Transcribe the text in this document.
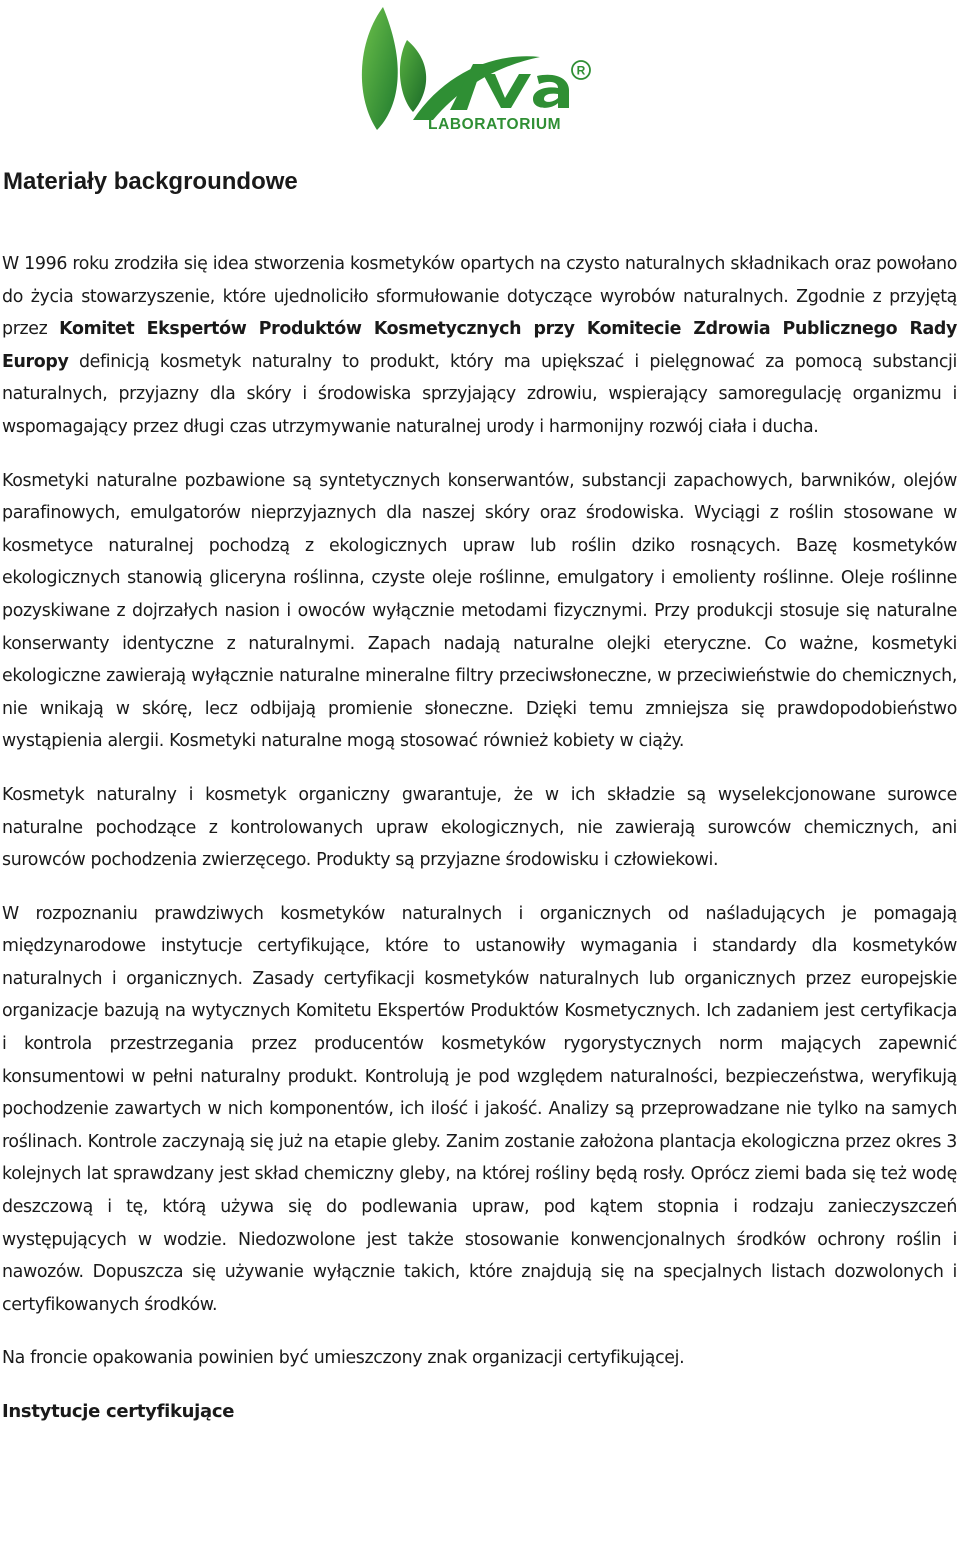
R
LABORATORIUM
Materiały backgroundowe

W 1996 roku zrodziła się idea stworzenia kosmetyków opartych na czysto naturalnych składnikach oraz powołano do życia stowarzyszenie, które ujednoliciło sformułowanie dotyczące wyrobów naturalnych. Zgodnie z przyjętą przez Komitet Ekspertów Produktów Kosmetycznych przy Komitecie Zdrowia Publicznego Rady Europy definicją kosmetyk naturalny to produkt, który ma upiększać i pielęgnować za pomocą substancji naturalnych, przyjazny dla skóry i środowiska sprzyjający zdrowiu, wspierający samoregulację organizmu i wspomagający przez długi czas utrzymywanie naturalnej urody i harmonijny rozwój ciała i ducha.

Kosmetyki naturalne pozbawione są syntetycznych konserwantów, substancji zapachowych, barwników, olejów parafinowych, emulgatorów nieprzyjaznych dla naszej skóry oraz środowiska. Wyciągi z roślin stosowane w kosmetyce naturalnej pochodzą z ekologicznych upraw lub roślin dziko rosnących. Bazę kosmetyków ekologicznych stanowią gliceryna roślinna, czyste oleje roślinne, emulgatory i emolienty roślinne. Oleje roślinne pozyskiwane z dojrzałych nasion i owoców wyłącznie metodami fizycznymi. Przy produkcji stosuje się naturalne konserwanty identyczne z naturalnymi. Zapach nadają naturalne olejki eteryczne. Co ważne, kosmetyki ekologiczne zawierają wyłącznie naturalne mineralne filtry przeciwsłoneczne, w przeciwieństwie do chemicznych, nie wnikają w skórę, lecz odbijają promienie słoneczne. Dzięki temu zmniejsza się prawdopodobieństwo wystąpienia alergii. Kosmetyki naturalne mogą stosować również kobiety w ciąży.

Kosmetyk naturalny i kosmetyk organiczny gwarantuje, że w ich składzie są wyselekcjonowane surowce naturalne pochodzące z kontrolowanych upraw ekologicznych, nie zawierają surowców chemicznych, ani surowców pochodzenia zwierzęcego. Produkty są przyjazne środowisku i człowiekowi.

W rozpoznaniu prawdziwych kosmetyków naturalnych i organicznych od naśladujących je pomagają międzynarodowe instytucje certyfikujące, które to ustanowiły wymagania i standardy dla kosmetyków naturalnych i organicznych. Zasady certyfikacji kosmetyków naturalnych lub organicznych przez europejskie organizacje bazują na wytycznych Komitetu Ekspertów Produktów Kosmetycznych. Ich zadaniem jest certyfikacja i kontrola przestrzegania przez producentów kosmetyków rygorystycznych norm mających zapewnić konsumentowi w pełni naturalny produkt. Kontrolują je pod względem naturalności, bezpieczeństwa, weryfikują pochodzenie zawartych w nich komponentów, ich ilość i jakość. Analizy są przeprowadzane nie tylko na samych roślinach. Kontrole zaczynają się już na etapie gleby. Zanim zostanie założona plantacja ekologiczna przez okres 3 kolejnych lat sprawdzany jest skład chemiczny gleby, na której rośliny będą rosły. Oprócz ziemi bada się też wodę deszczową i tę, którą używa się do podlewania upraw, pod kątem stopnia i rodzaju zanieczyszczeń występujących w wodzie. Niedozwolone jest także stosowanie konwencjonalnych środków ochrony roślin i nawozów. Dopuszcza się używanie wyłącznie takich, które znajdują się na specjalnych listach dozwolonych i certyfikowanych środków.

Na froncie opakowania powinien być umieszczony znak organizacji certyfikującej.

Instytucje certyfikujące
